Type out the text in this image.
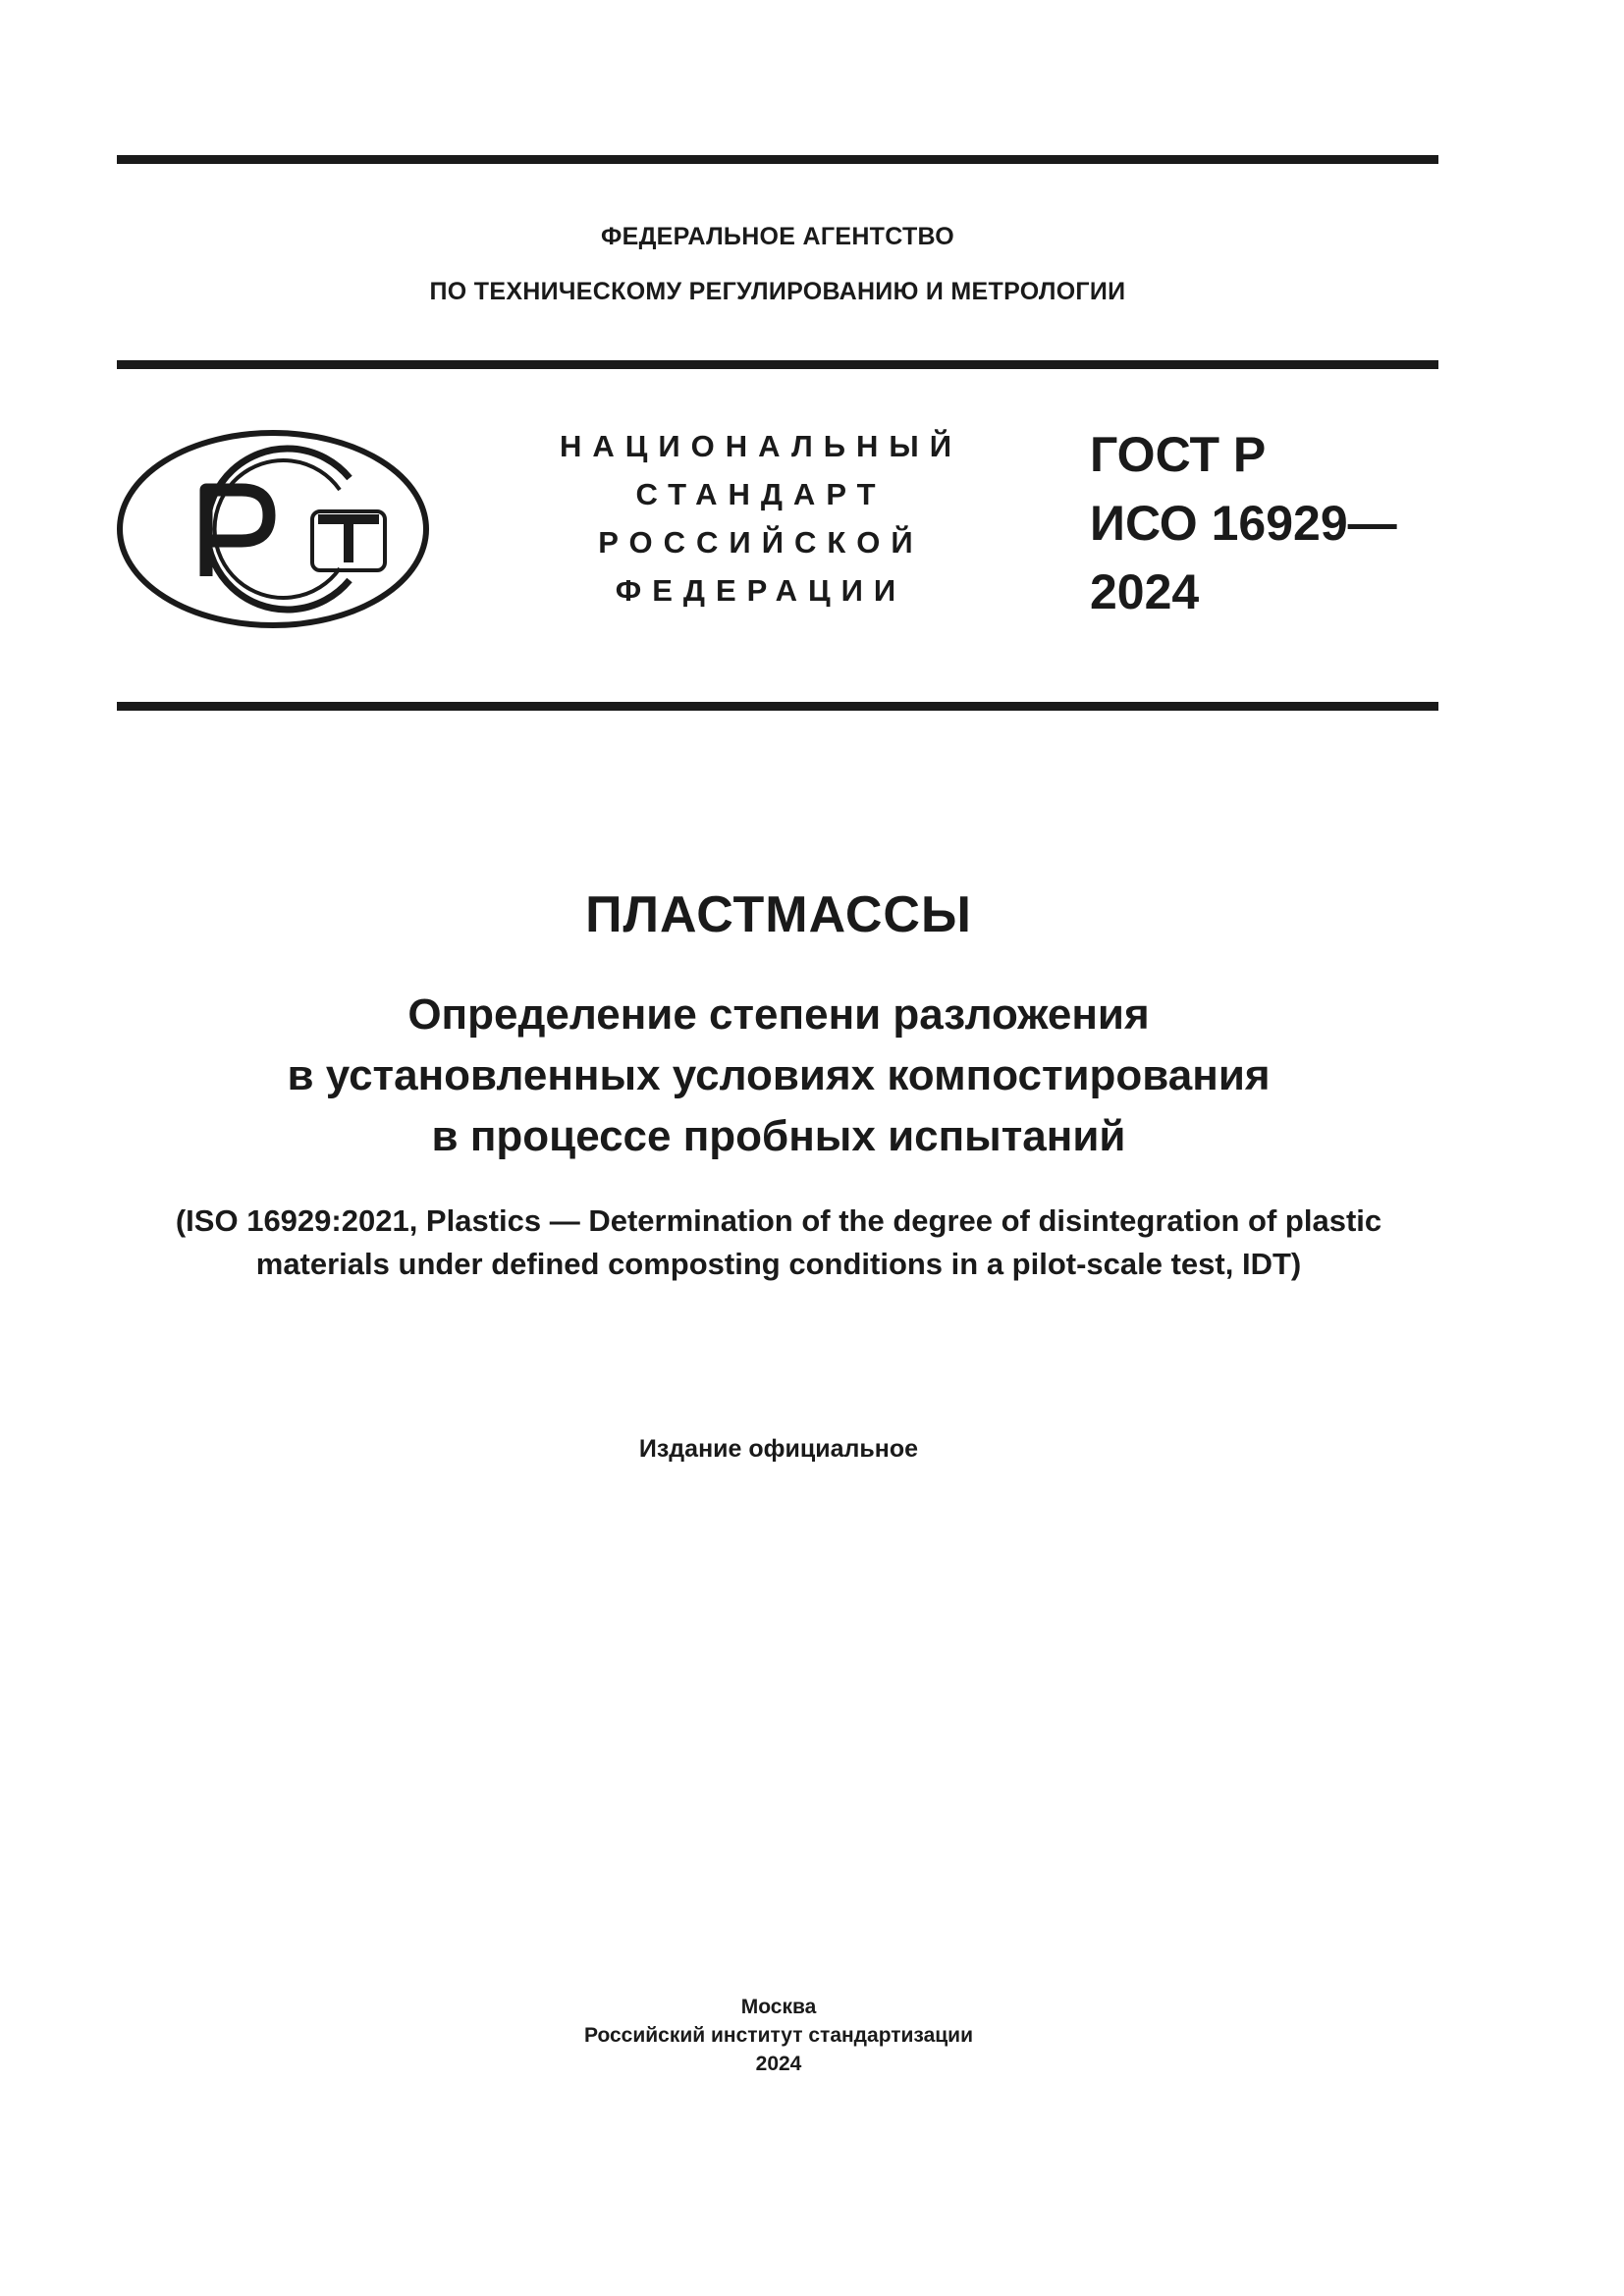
ФЕДЕРАЛЬНОЕ АГЕНТСТВО
ПО ТЕХНИЧЕСКОМУ РЕГУЛИРОВАНИЮ И МЕТРОЛОГИИ
НАЦИОНАЛЬНЫЙ
СТАНДАРТ
РОССИЙСКОЙ
ФЕДЕРАЦИИ
ГОСТ Р
ИСО 16929—
2024
ПЛАСТМАССЫ
Определение степени разложения
в установленных условиях компостирования
в процессе пробных испытаний
(ISO 16929:2021, Plastics — Determination of the degree of disintegration of plastic
materials under defined composting conditions in a pilot-scale test, IDT)
Издание официальное
Москва
Российский институт стандартизации
2024
